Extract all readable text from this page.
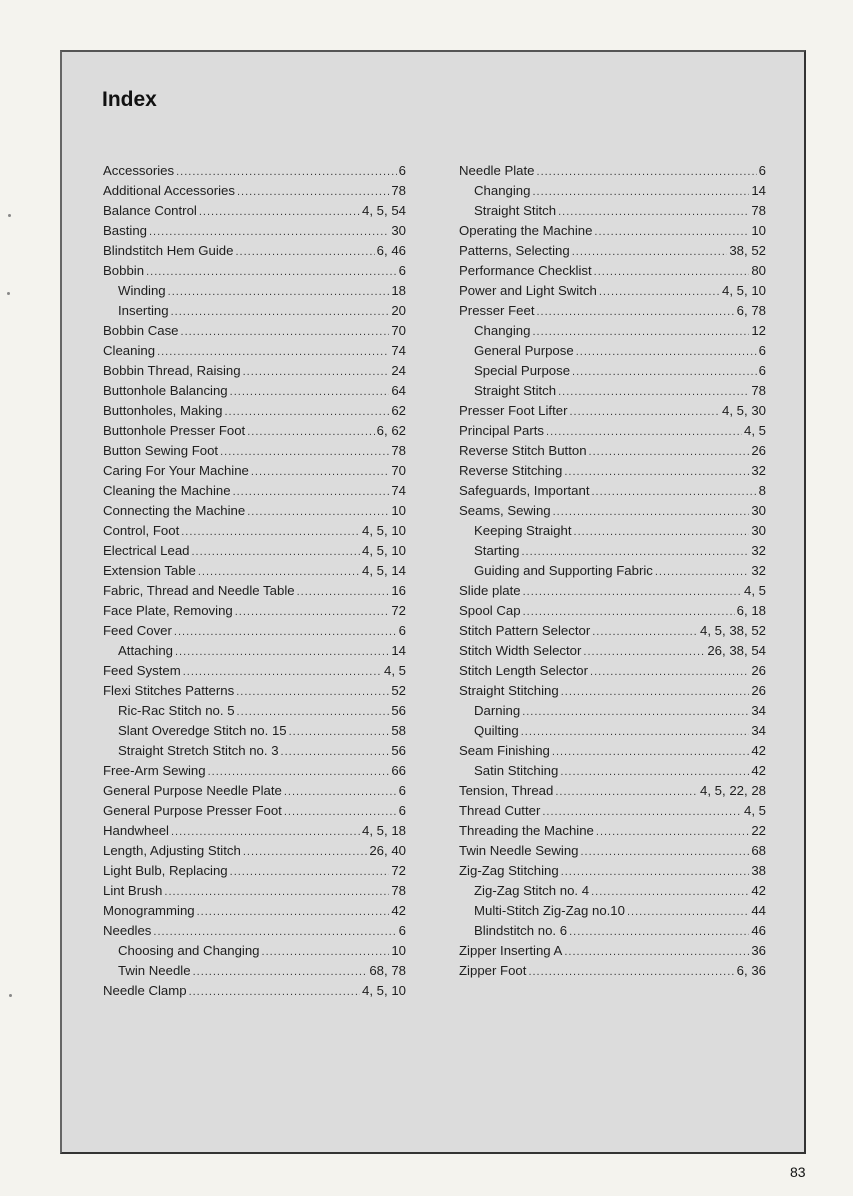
Index
Accessories .....	6
Additional Accessories .....	78
Balance Control .....	4, 5, 54
Basting .....	30
Blindstitch Hem Guide .....	6, 46
Bobbin .....	6
Winding .....	18
Inserting .....	20
Bobbin Case .....	70
Cleaning .....	74
Bobbin Thread, Raising .....	24
Buttonhole Balancing .....	64
Buttonholes, Making .....	62
Buttonhole Presser Foot .....	6, 62
Button Sewing Foot .....	78
Caring For Your Machine .....	70
Cleaning the Machine .....	74
Connecting the Machine .....	10
Control, Foot .....	4, 5, 10
Electrical Lead .....	4, 5, 10
Extension Table .....	4, 5, 14
Fabric, Thread and Needle Table .....	16
Face Plate, Removing .....	72
Feed Cover .....	6
Attaching .....	14
Feed System .....	4, 5
Flexi Stitches Patterns .....	52
Ric-Rac Stitch no. 5 .....	56
Slant Overedge Stitch no. 15 .....	58
Straight Stretch Stitch no. 3 .....	56
Free-Arm Sewing .....	66
General Purpose Needle Plate .....	6
General Purpose Presser Foot .....	6
Handwheel .....	4, 5, 18
Length, Adjusting Stitch .....	26, 40
Light Bulb, Replacing .....	72
Lint Brush .....	78
Monogramming .....	42
Needles .....	6
Choosing and Changing .....	10
Twin Needle .....	68, 78
Needle Clamp .....	4, 5, 10
Needle Plate .....	6
Changing .....	14
Straight Stitch .....	78
Operating the Machine .....	10
Patterns, Selecting .....	38, 52
Performance Checklist .....	80
Power and Light Switch .....	4, 5, 10
Presser Feet .....	6, 78
Changing .....	12
General Purpose .....	6
Special Purpose .....	6
Straight Stitch .....	78
Presser Foot Lifter .....	4, 5, 30
Principal Parts .....	4, 5
Reverse Stitch Button .....	26
Reverse Stitching .....	32
Safeguards, Important .....	8
Seams, Sewing .....	30
Keeping Straight .....	30
Starting .....	32
Guiding and Supporting Fabric .....	32
Slide plate .....	4, 5
Spool Cap .....	6, 18
Stitch Pattern Selector .....	4, 5, 38, 52
Stitch Width Selector .....	26, 38, 54
Stitch Length Selector .....	26
Straight Stitching .....	26
Darning .....	34
Quilting .....	34
Seam Finishing .....	42
Satin Stitching .....	42
Tension, Thread .....	4, 5, 22, 28
Thread Cutter .....	4, 5
Threading the Machine .....	22
Twin Needle Sewing .....	68
Zig-Zag Stitching .....	38
Zig-Zag Stitch no. 4 .....	42
Multi-Stitch Zig-Zag no.10 .....	44
Blindstitch no. 6 .....	46
Zipper Inserting A .....	36
Zipper Foot .....	6, 36
83
